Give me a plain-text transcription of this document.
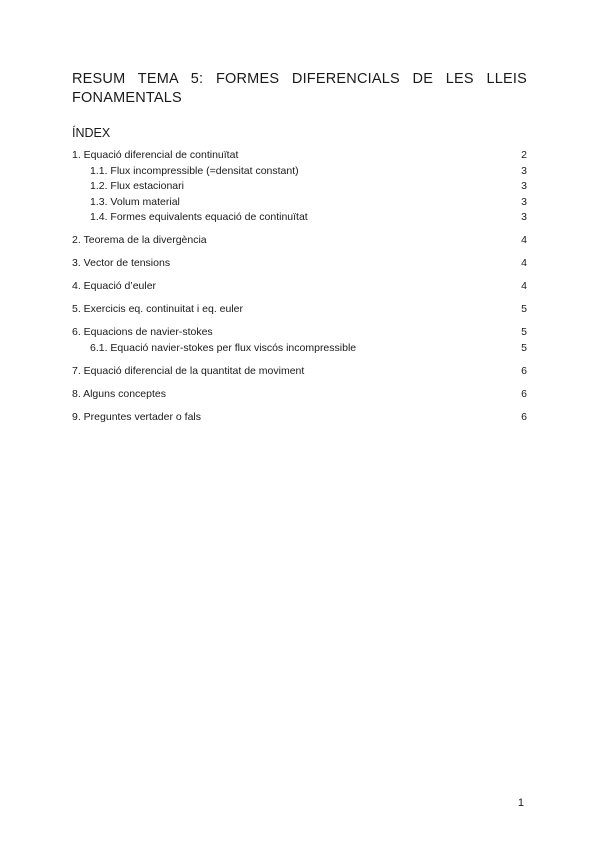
RESUM TEMA 5: FORMES DIFERENCIALS DE LES LLEIS FONAMENTALS
ÍNDEX
1. Equació diferencial de continuïtat	2
1.1. Flux incompressible (=densitat constant)	3
1.2. Flux estacionari	3
1.3. Volum material	3
1.4. Formes equivalents equació de continuïtat	3
2. Teorema de la divergència	4
3. Vector de tensions	4
4. Equació d’euler	4
5. Exercicis eq. continuitat i eq. euler	5
6. Equacions de navier-stokes	5
6.1. Equació navier-stokes per flux viscós incompressible	5
7. Equació diferencial de la quantitat de moviment	6
8. Alguns conceptes	6
9. Preguntes vertader o fals	6
1
